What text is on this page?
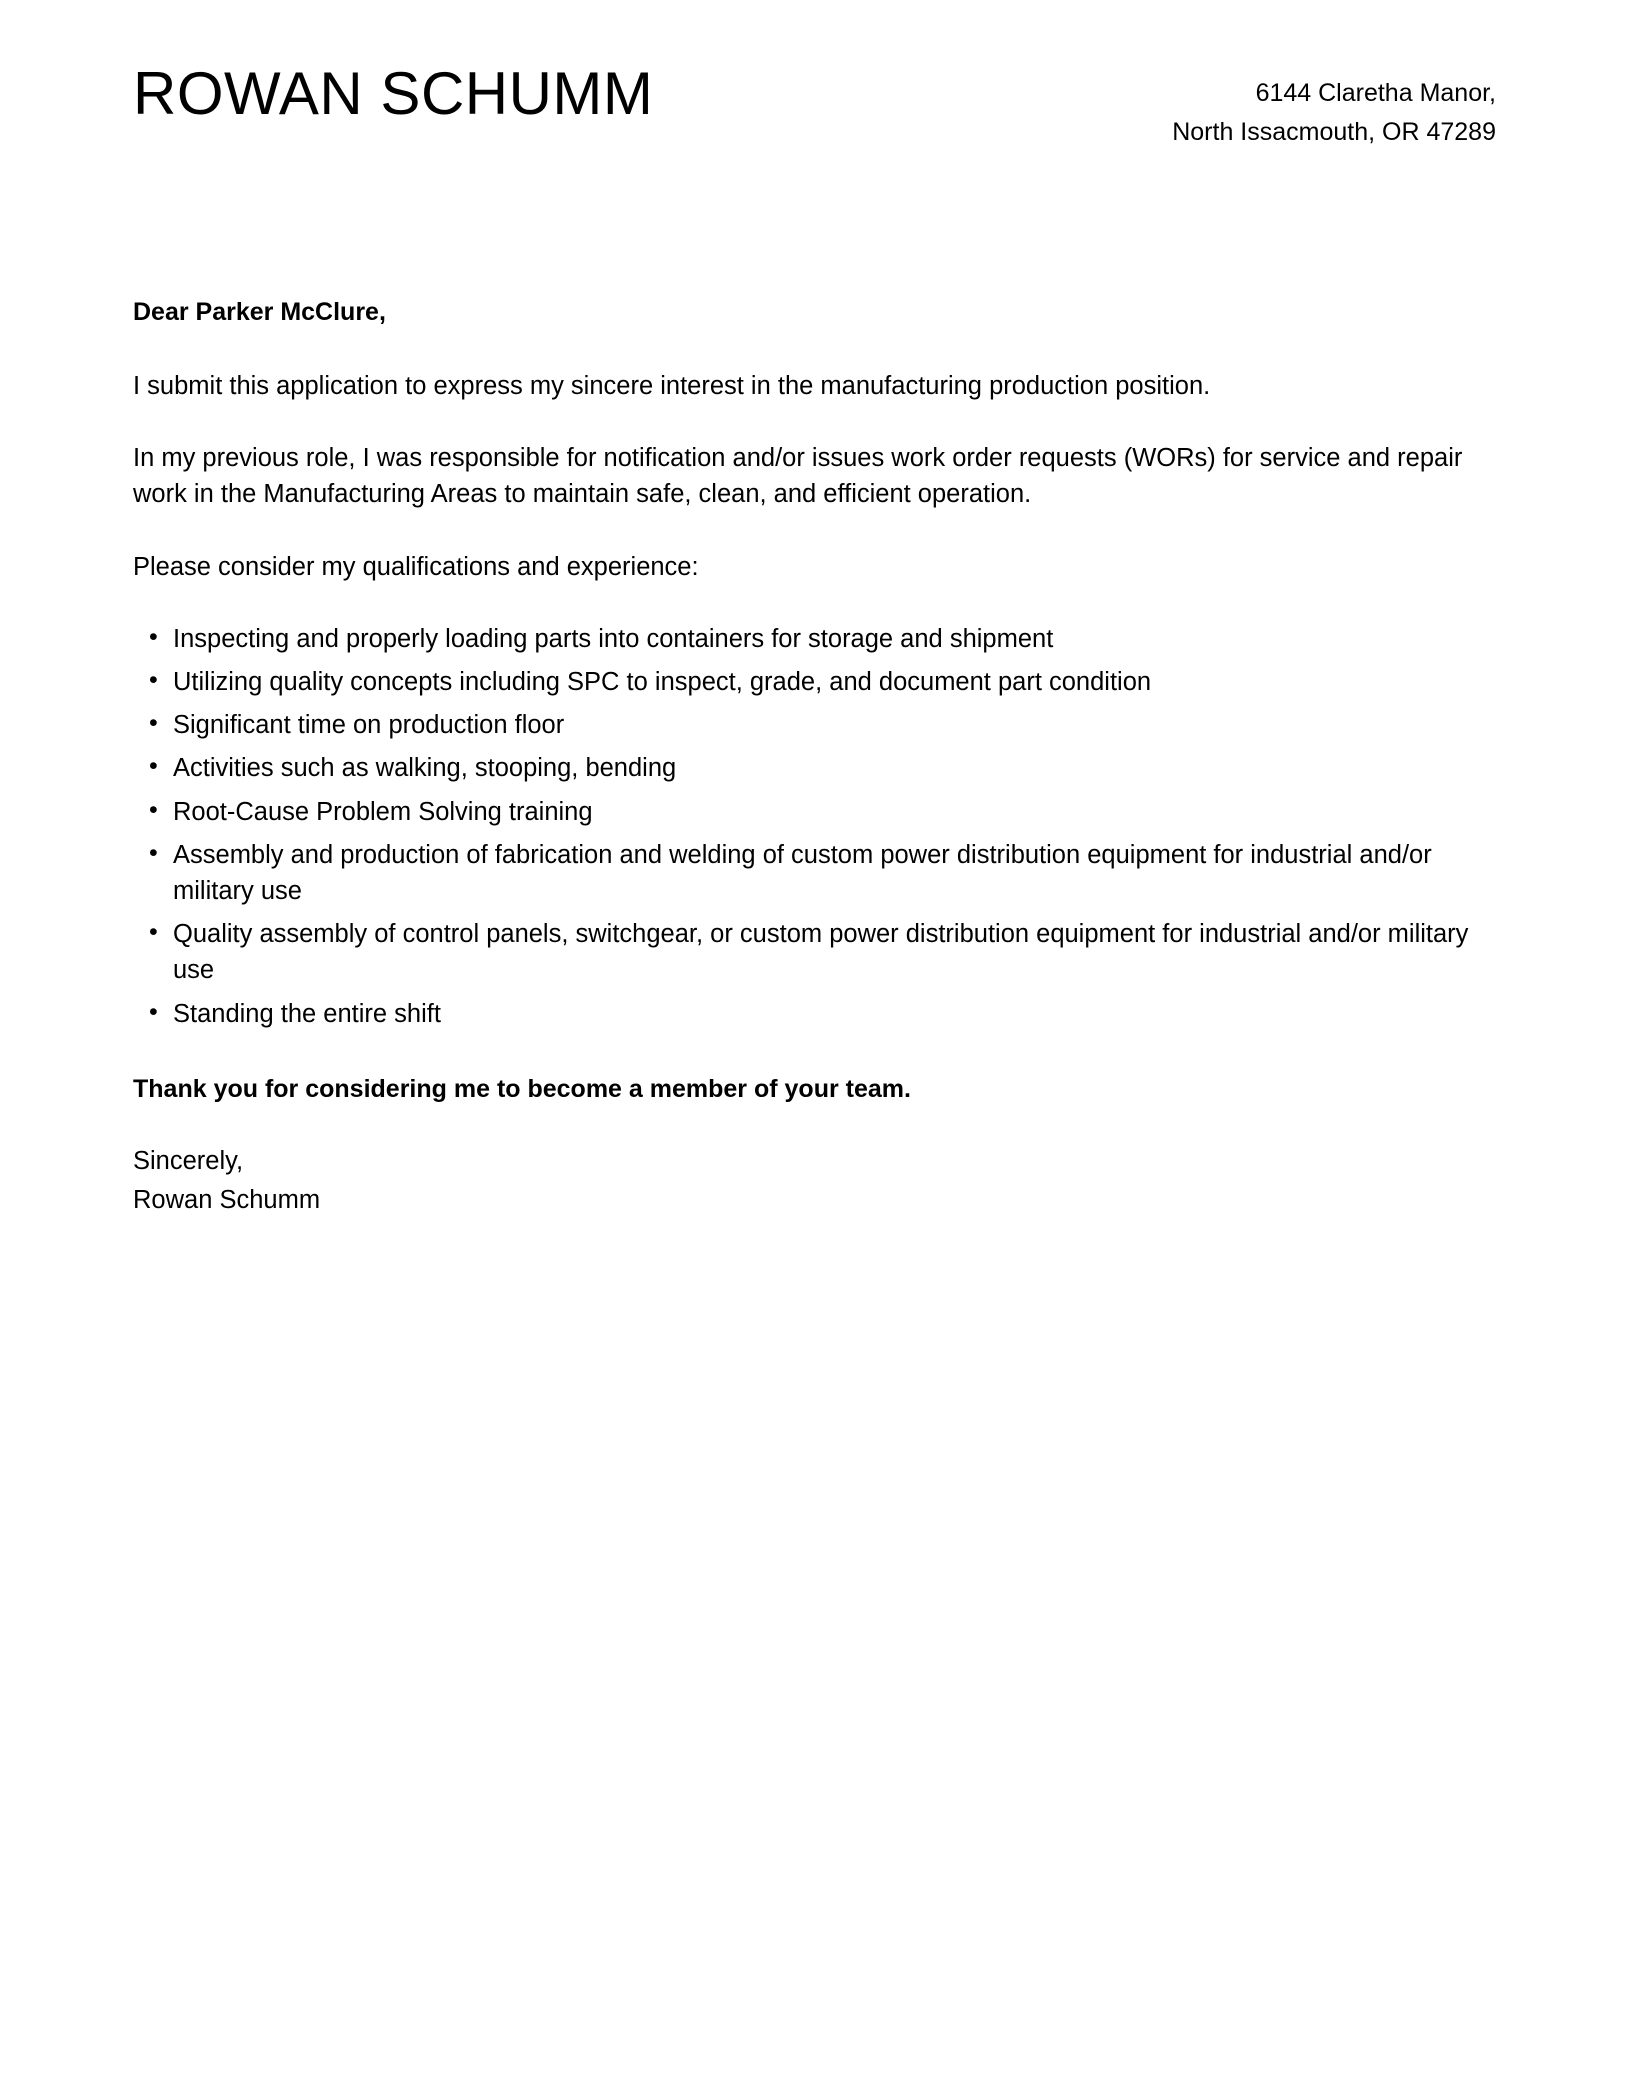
ROWAN SCHUMM	6144 Claretha Manor,
North Issacmouth, OR 47289

Dear Parker McClure,

I submit this application to express my sincere interest in the manufacturing production position.

In my previous role, I was responsible for notification and/or issues work order requests (WORs) for service and repair work in the Manufacturing Areas to maintain safe, clean, and efficient operation.

Please consider my qualifications and experience:

• Inspecting and properly loading parts into containers for storage and shipment
• Utilizing quality concepts including SPC to inspect, grade, and document part condition
• Significant time on production floor
• Activities such as walking, stooping, bending
• Root-Cause Problem Solving training
• Assembly and production of fabrication and welding of custom power distribution equipment for industrial and/or military use
• Quality assembly of control panels, switchgear, or custom power distribution equipment for industrial and/or military use
• Standing the entire shift

Thank you for considering me to become a member of your team.

Sincerely,
Rowan Schumm
